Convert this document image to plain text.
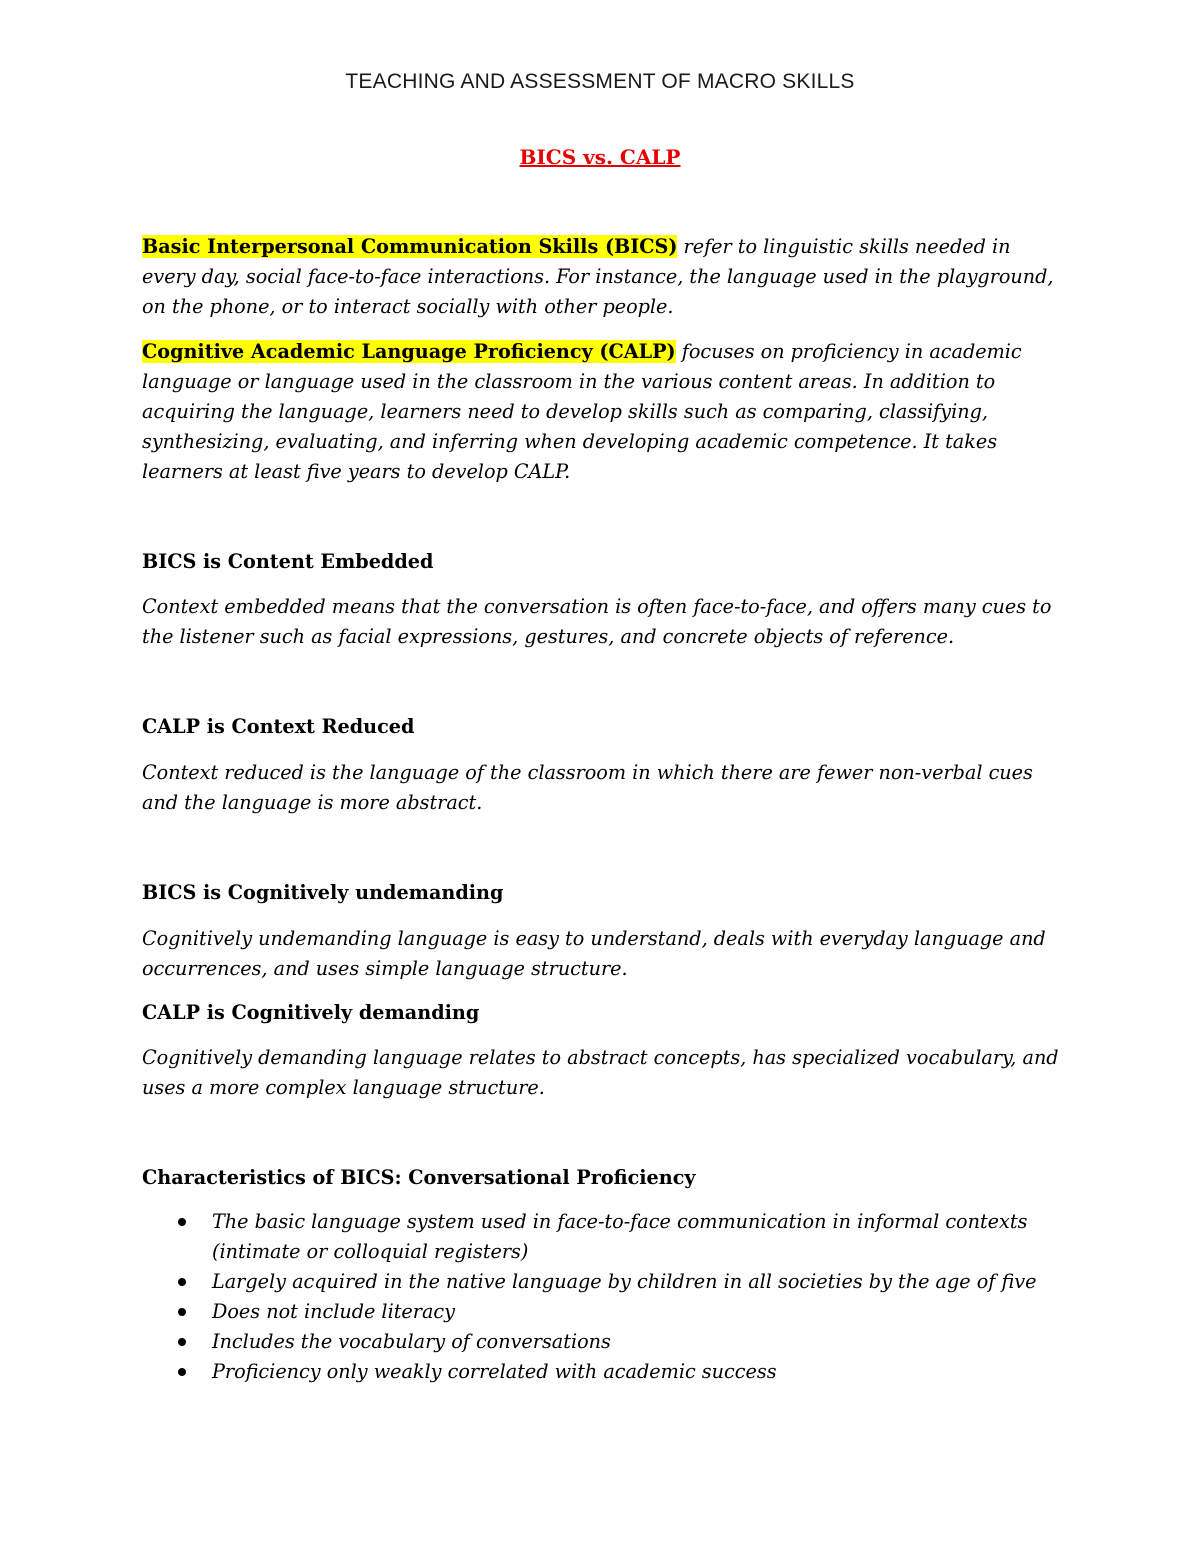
TEACHING AND ASSESSMENT OF MACRO SKILLS
BICS vs. CALP

Basic Interpersonal Communication Skills (BICS) refer to linguistic skills needed in every day, social face-to-face interactions. For instance, the language used in the playground, on the phone, or to interact socially with other people.

Cognitive Academic Language Proficiency (CALP) focuses on proficiency in academic language or language used in the classroom in the various content areas. In addition to acquiring the language, learners need to develop skills such as comparing, classifying, synthesizing, evaluating, and inferring when developing academic competence. It takes learners at least five years to develop CALP.

BICS is Content Embedded

Context embedded means that the conversation is often face-to-face, and offers many cues to the listener such as facial expressions, gestures, and concrete objects of reference.

CALP is Context Reduced

Context reduced is the language of the classroom in which there are fewer non-verbal cues and the language is more abstract.

BICS is Cognitively undemanding

Cognitively undemanding language is easy to understand, deals with everyday language and occurrences, and uses simple language structure.

CALP is Cognitively demanding

Cognitively demanding language relates to abstract concepts, has specialized vocabulary, and uses a more complex language structure.

Characteristics of BICS: Conversational Proficiency

The basic language system used in face-to-face communication in informal contexts (intimate or colloquial registers)
Largely acquired in the native language by children in all societies by the age of five
Does not include literacy
Includes the vocabulary of conversations
Proficiency only weakly correlated with academic success
